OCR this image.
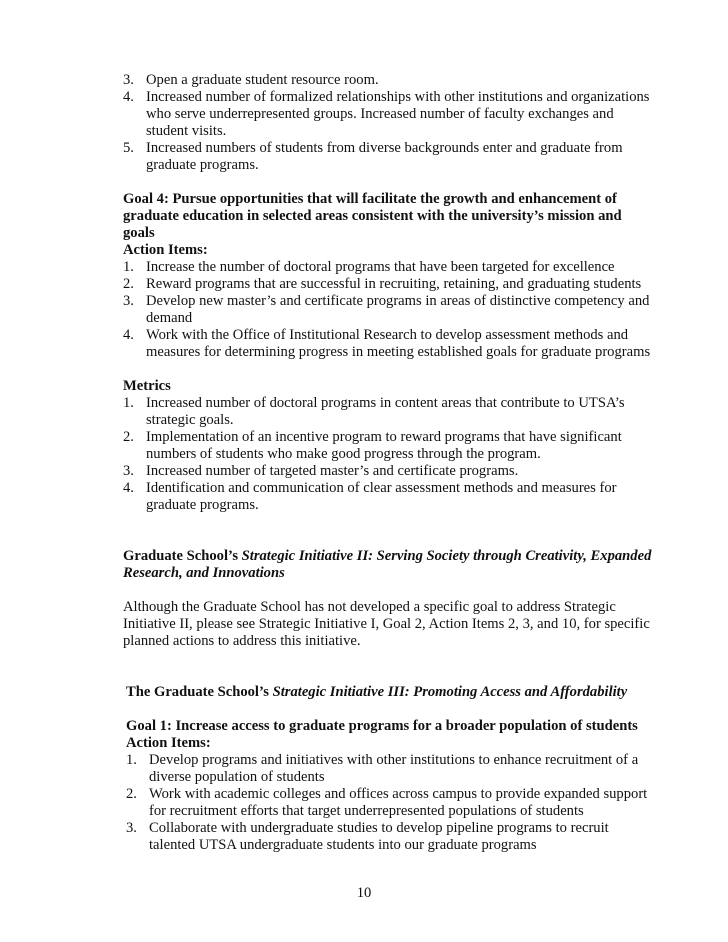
3. Open a graduate student resource room.
4. Increased number of formalized relationships with other institutions and organizations who serve underrepresented groups. Increased number of faculty exchanges and student visits.
5. Increased numbers of students from diverse backgrounds enter and graduate from graduate programs.

Goal 4: Pursue opportunities that will facilitate the growth and enhancement of graduate education in selected areas consistent with the university’s mission and goals

Action Items:

1. Increase the number of doctoral programs that have been targeted for excellence
2. Reward programs that are successful in recruiting, retaining, and graduating students
3. Develop new master’s and certificate programs in areas of distinctive competency and demand
4. Work with the Office of Institutional Research to develop assessment methods and measures for determining progress in meeting established goals for graduate programs

Metrics

1. Increased number of doctoral programs in content areas that contribute to UTSA’s strategic goals.
2. Implementation of an incentive program to reward programs that have significant numbers of students who make good progress through the program.
3. Increased number of targeted master’s and certificate programs.
4. Identification and communication of clear assessment methods and measures for graduate programs.

Graduate School’s Strategic Initiative II: Serving Society through Creativity, Expanded Research, and Innovations

Although the Graduate School has not developed a specific goal to address Strategic Initiative II, please see Strategic Initiative I, Goal 2, Action Items 2, 3, and 10, for specific planned actions to address this initiative.

The Graduate School’s Strategic Initiative III: Promoting Access and Affordability

Goal 1: Increase access to graduate programs for a broader population of students

Action Items:

1. Develop programs and initiatives with other institutions to enhance recruitment of a diverse population of students
2. Work with academic colleges and offices across campus to provide expanded support for recruitment efforts that target underrepresented populations of students
3. Collaborate with undergraduate studies to develop pipeline programs to recruit talented UTSA undergraduate students into our graduate programs
10
